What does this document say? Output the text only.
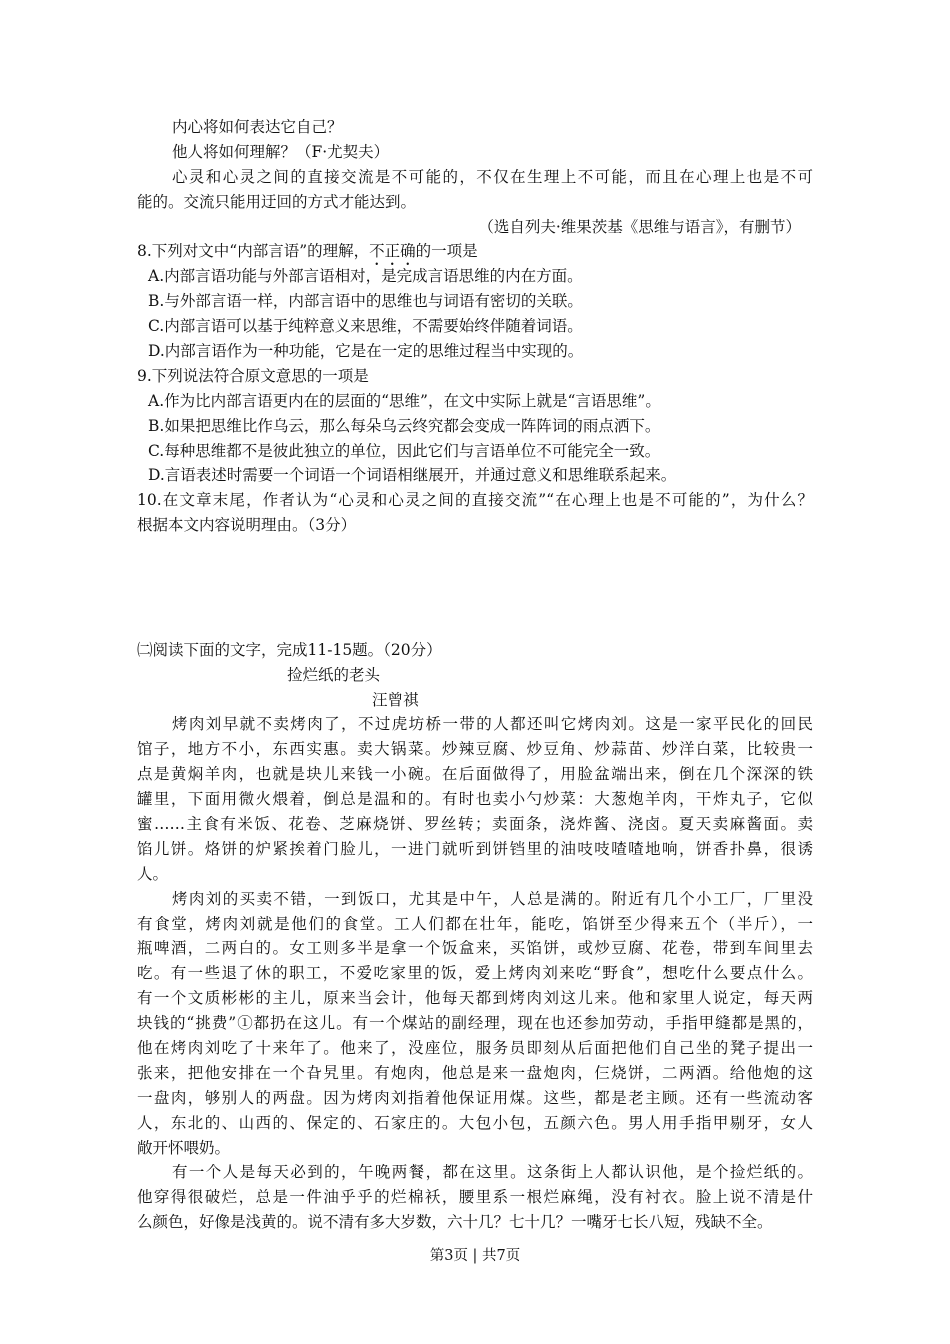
内心将如何表达它自己？
他人将如何理解？（F·尤契夫）
心灵和心灵之间的直接交流是不可能的，不仅在生理上不可能，而且在心理上也是不可
能的。交流只能用迂回的方式才能达到。
（选自列夫·维果茨基《思维与语言》，有删节）
8.下列对文中“内部言语”的理解，不正确的一项是
A.内部言语功能与外部言语相对，是完成言语思维的内在方面。
B.与外部言语一样，内部言语中的思维也与词语有密切的关联。
C.内部言语可以基于纯粹意义来思维，不需要始终伴随着词语。
D.内部言语作为一种功能，它是在一定的思维过程当中实现的。
9.下列说法符合原文意思的一项是
A.作为比内部言语更内在的层面的“思维”，在文中实际上就是“言语思维”。
B.如果把思维比作乌云，那么每朵乌云终究都会变成一阵阵词的雨点洒下。
C.每种思维都不是彼此独立的单位，因此它们与言语单位不可能完全一致。
D.言语表述时需要一个词语一个词语相继展开，并通过意义和思维联系起来。
10.在文章末尾，作者认为“心灵和心灵之间的直接交流”“在心理上也是不可能的”，为什么？
根据本文内容说明理由。（3分）
㈡阅读下面的文字，完成11-15题。（20分）
捡烂纸的老头
汪曾祺
烤肉刘早就不卖烤肉了，不过虎坊桥一带的人都还叫它烤肉刘。这是一家平民化的回民
馆子，地方不小，东西实惠。卖大锅菜。炒辣豆腐、炒豆角、炒蒜苗、炒洋白菜，比较贵一
点是黄焖羊肉，也就是块儿来钱一小碗。在后面做得了，用脸盆端出来，倒在几个深深的铁
罐里，下面用微火煨着，倒总是温和的。有时也卖小勺炒菜：大葱炮羊肉，干炸丸子，它似
蜜……主食有米饭、花卷、芝麻烧饼、罗丝转；卖面条，浇炸酱、浇卤。夏天卖麻酱面。卖
馅儿饼。烙饼的炉紧挨着门脸儿，一进门就听到饼铛里的油吱吱喳喳地响，饼香扑鼻，很诱
人。
烤肉刘的买卖不错，一到饭口，尤其是中午，人总是满的。附近有几个小工厂，厂里没
有食堂，烤肉刘就是他们的食堂。工人们都在壮年，能吃，馅饼至少得来五个（半斤），一
瓶啤酒，二两白的。女工则多半是拿一个饭盒来，买馅饼，或炒豆腐、花卷，带到车间里去
吃。有一些退了休的职工，不爱吃家里的饭，爱上烤肉刘来吃“野食”，想吃什么要点什么。
有一个文质彬彬的主儿，原来当会计，他每天都到烤肉刘这儿来。他和家里人说定，每天两
块钱的“挑费”①都扔在这儿。有一个煤站的副经理，现在也还参加劳动，手指甲缝都是黑的，
他在烤肉刘吃了十来年了。他来了，没座位，服务员即刻从后面把他们自己坐的凳子提出一
张来，把他安排在一个旮旯里。有炮肉，他总是来一盘炮肉，仨烧饼，二两酒。给他炮的这
一盘肉，够别人的两盘。因为烤肉刘指着他保证用煤。这些，都是老主顾。还有一些流动客
人，东北的、山西的、保定的、石家庄的。大包小包，五颜六色。男人用手指甲剔牙，女人
敞开怀喂奶。
有一个人是每天必到的，午晚两餐，都在这里。这条街上人都认识他，是个捡烂纸的。
他穿得很破烂，总是一件油乎乎的烂棉袄，腰里系一根烂麻绳，没有衬衣。脸上说不清是什
么颜色，好像是浅黄的。说不清有多大岁数，六十几？七十几？一嘴牙七长八短，残缺不全。
第3页 | 共7页
